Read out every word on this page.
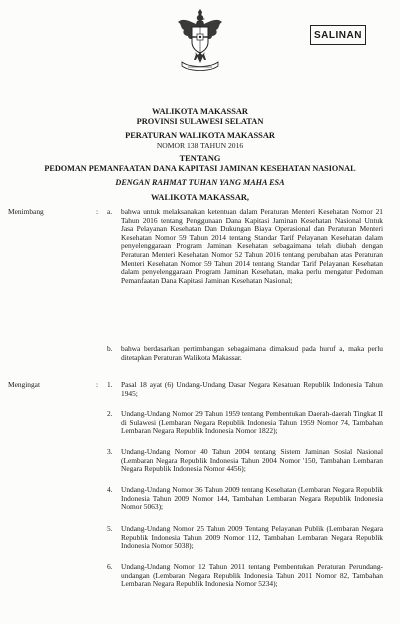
SALINAN
WALIKOTA MAKASSAR
PROVINSI SULAWESI SELATAN
PERATURAN WALIKOTA MAKASSAR
NOMOR 138 TAHUN 2016
TENTANG
PEDOMAN PEMANFAATAN DANA KAPITASI JAMINAN KESEHATAN NASIONAL
DENGAN RAHMAT TUHAN YANG MAHA ESA
WALIKOTA MAKASSAR,
Menimbang	: a. bahwa untuk melaksanakan ketentuan dalam Peraturan Menteri Kesehatan Nomor 21 Tahun 2016 tentang Penggunaan Dana Kapitasi Jaminan Kesehatan Nasional Untuk Jasa Pelayanan Kesehatan Dan Dukungan Biaya Operasional dan Peraturan Menteri Kesehatan Nomor 59 Tahun 2014 tentang Standar Tarif Pelayanan Kesehatan dalam penyelenggaraan Program Jaminan Kesehatan sebagaimana telah diubah dengan Peraturan Menteri Kesehatan Nomor 52 Tahun 2016 tentang perubahan atas Peraturan Menteri Kesehatan Nomor 59 Tahun 2014 tentang Standar Tarif Pelayanan Kesehatan dalam penyelenggaraan Program Jaminan Kesehatan, maka perlu mengatur Pedoman Pemanfaatan Dana Kapitasi Jaminan Kesehatan Nasional;
b. bahwa berdasarkan pertimbangan sebagaimana dimaksud pada huruf a, maka perlu ditetapkan Peraturan Walikota Makassar.
Mengingat	: 1. Pasal 18 ayat (6) Undang-Undang Dasar Negara Kesatuan Republik Indonesia Tahun 1945;
2. Undang-Undang Nomor 29 Tahun 1959 tentang Pembentukan Daerah-daerah Tingkat II di Sulawesi (Lembaran Negara Republik Indonesia Tahun 1959 Nomor 74, Tambahan Lembaran Negara Republik Indonesia Nomor 1822);
3. Undang-Undang Nomor 40 Tahun 2004 tentang Sistem Jaminan Sosial Nasional (Lembaran Negara Republik Indonesia Tahun 2004 Nomor '150, Tambahan Lembaran Negara Republik Indonesia Nomor 4456);
4. Undang-Undang Nomor 36 Tahun 2009 tentang Kesehatan (Lembaran Negara Republik Indonesia Tahun 2009 Nomor 144, Tambahan Lembaran Negara Republik Indonesia Nomor 5063);
5. Undang-Undang Nomor 25 Tahun 2009 Tentang Pelayanan Publik (Lembaran Negara Republik Indonesia Tahun 2009 Nomor 112, Tambahan Lembaran Negara Republik Indonesia Nomor 5038);
6. Undang-Undang Nomor 12 Tahun 2011 tentang Pembentukan Peraturan Perundang-undangan (Lembaran Negara Republik Indonesia Tahun 2011 Nomor 82, Tambahan Lembaran Negara Republik Indonesia Nomor 5234);
